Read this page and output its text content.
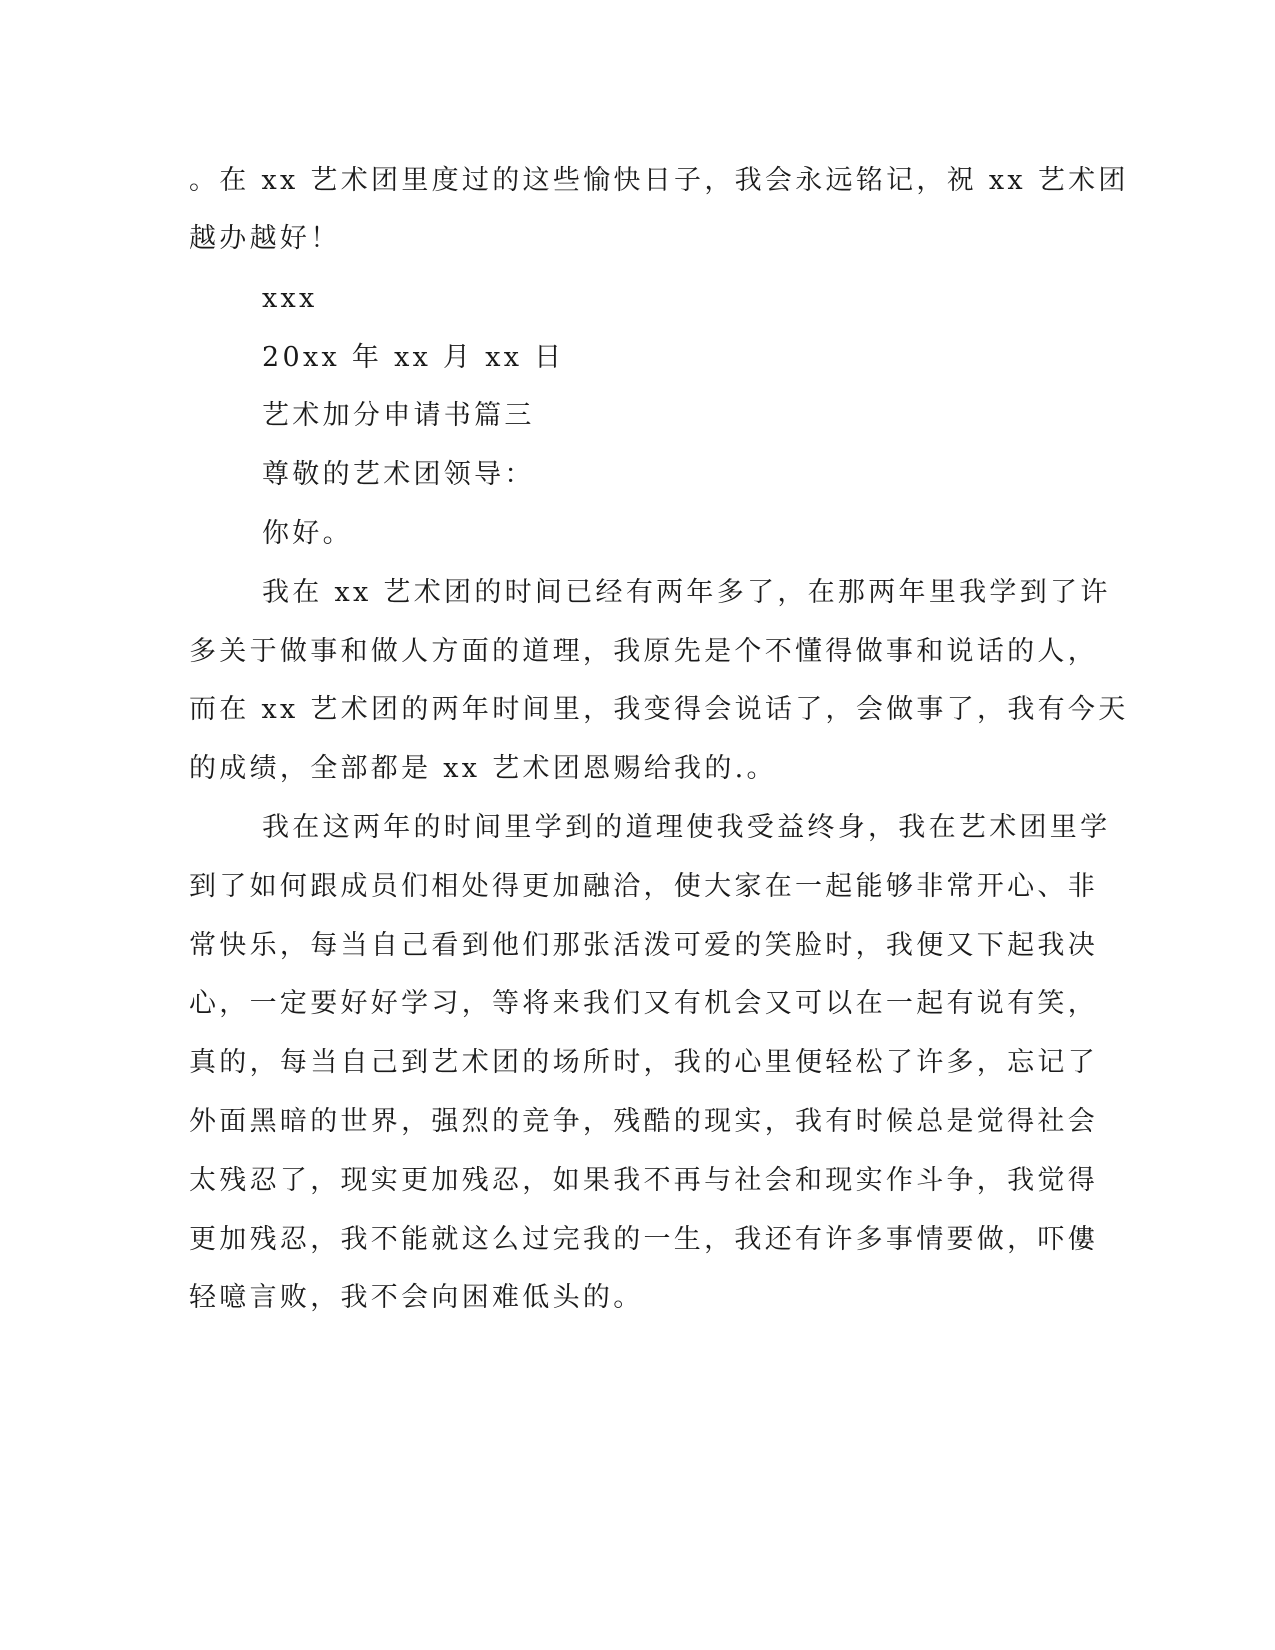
。在 xx 艺术团里度过的这些愉快日子，我会永远铭记，祝 xx 艺术团
越办越好！
xxx
20xx 年 xx 月 xx 日
艺术加分申请书篇三
尊敬的艺术团领导：
你好。
我在 xx 艺术团的时间已经有两年多了，在那两年里我学到了许
多关于做事和做人方面的道理，我原先是个不懂得做事和说话的人，
而在 xx 艺术团的两年时间里，我变得会说话了，会做事了，我有今天
的成绩，全部都是 xx 艺术团恩赐给我的.。
我在这两年的时间里学到的道理使我受益终身，我在艺术团里学
到了如何跟成员们相处得更加融洽，使大家在一起能够非常开心、非
常快乐，每当自己看到他们那张活泼可爱的笑脸时，我便又下起我决
心，一定要好好学习，等将来我们又有机会又可以在一起有说有笑，
真的，每当自己到艺术团的场所时，我的心里便轻松了许多，忘记了
外面黑暗的世界，强烈的竞争，残酷的现实，我有时候总是觉得社会
太残忍了，现实更加残忍，如果我不再与社会和现实作斗争，我觉得
更加残忍，我不能就这么过完我的一生，我还有许多事情要做，吓僂
轻噫言败，我不会向困难低头的。
